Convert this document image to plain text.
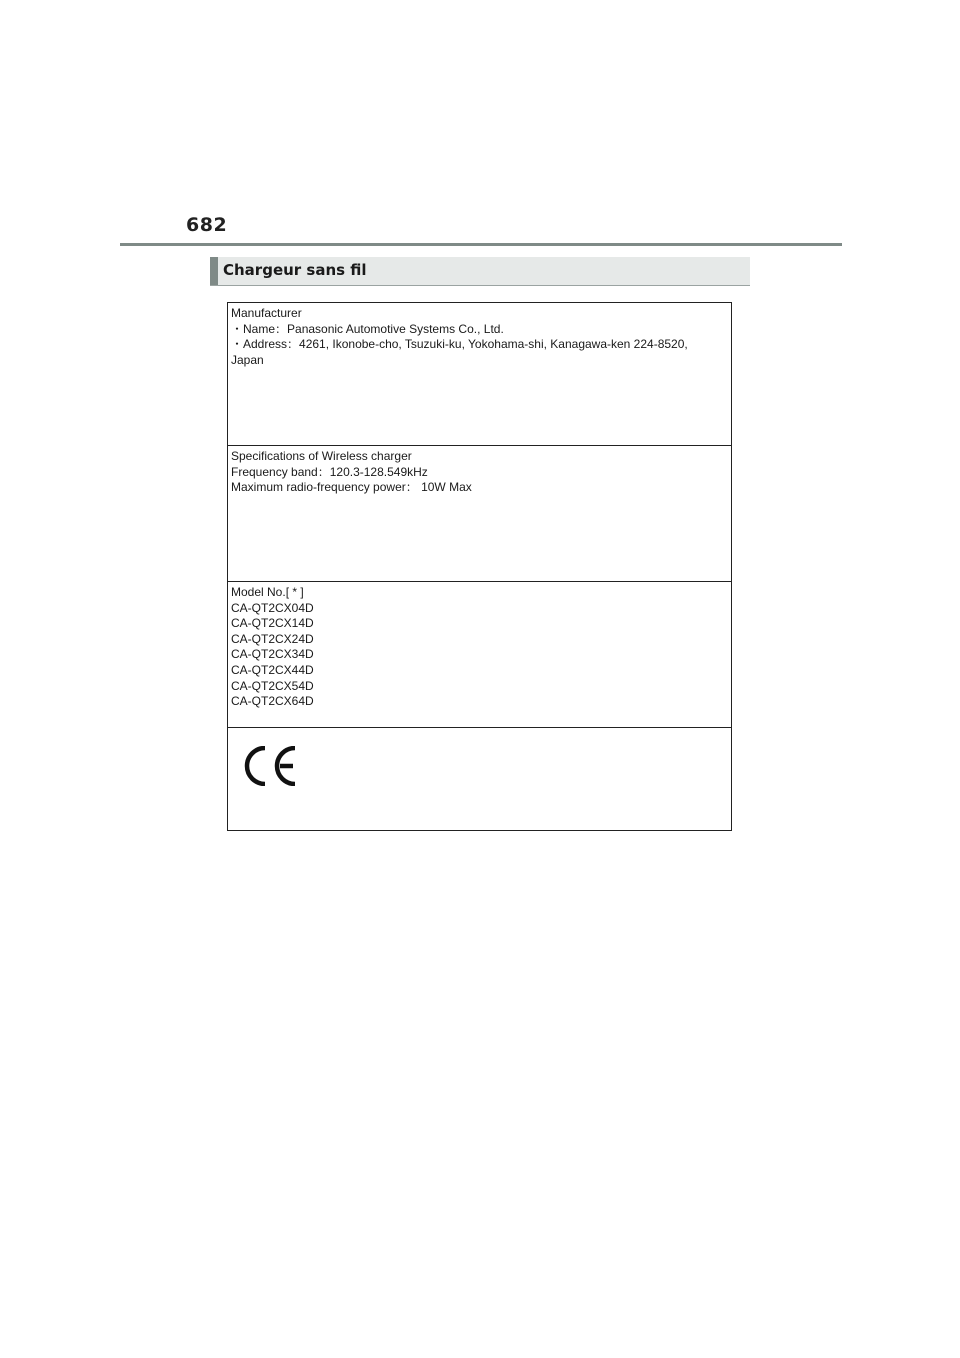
682
Chargeur sans fil
Manufacturer
・Name：Panasonic Automotive Systems Co., Ltd.
・Address：4261, Ikonobe-cho, Tsuzuki-ku, Yokohama-shi, Kanagawa-ken 224-8520,
Japan
Specifications of Wireless charger
Frequency band：120.3-128.549kHz
Maximum radio-frequency power： 10W Max
Model No.[ * ]
CA-QT2CX04D
CA-QT2CX14D
CA-QT2CX24D
CA-QT2CX34D
CA-QT2CX44D
CA-QT2CX54D
CA-QT2CX64D
